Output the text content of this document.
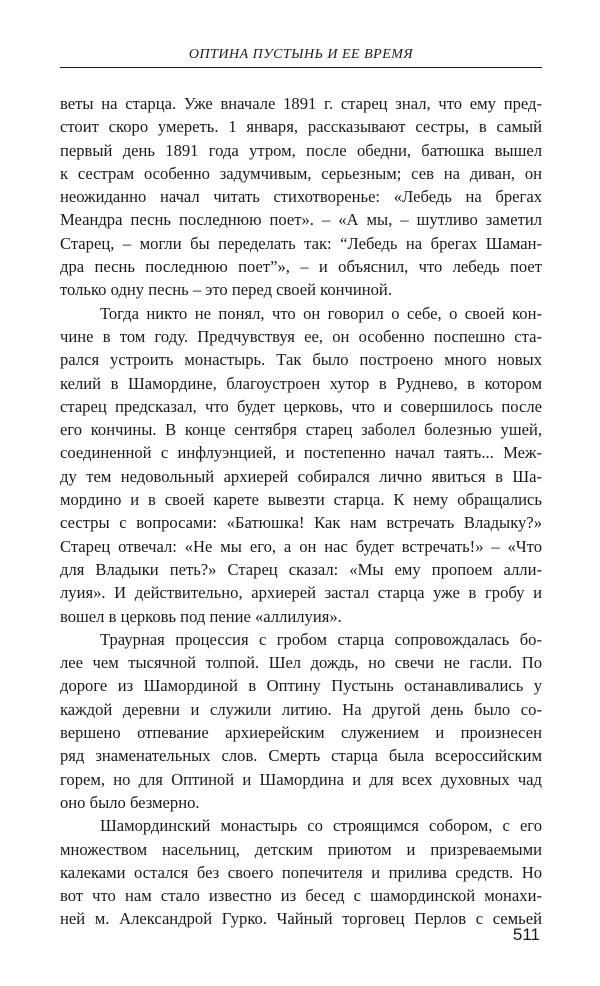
ОПТИНА ПУСТЫНЬ И ЕЕ ВРЕМЯ
веты на старца. Уже вначале 1891 г. старец знал, что ему пред-
стоит скоро умереть. 1 января, рассказывают сестры, в самый
первый день 1891 года утром, после обедни, батюшка вышел
к сестрам особенно задумчивым, серьезным; сев на диван, он
неожиданно начал читать стихотворенье: «Лебедь на брегах
Меандра песнь последнюю поет». – «А мы, – шутливо заметил
Старец, – могли бы переделать так: “Лебедь на брегах Шаман-
дра песнь последнюю поет”», – и объяснил, что лебедь поет
только одну песнь – это перед своей кончиной.
Тогда никто не понял, что он говорил о себе, о своей кон-
чине в том году. Предчувствуя ее, он особенно поспешно ста-
рался устроить монастырь. Так было построено много новых
келий в Шамордине, благоустроен хутор в Руднево, в котором
старец предсказал, что будет церковь, что и совершилось после
его кончины. В конце сентября старец заболел болезнью ушей,
соединенной с инфлуэнцией, и постепенно начал таять... Меж-
ду тем недовольный архиерей собирался лично явиться в Ша-
мордино и в своей карете вывезти старца. К нему обращались
сестры с вопросами: «Батюшка! Как нам встречать Владыку?»
Старец отвечал: «Не мы его, а он нас будет встречать!» – «Что
для Владыки петь?» Старец сказал: «Мы ему пропоем алли-
луия». И действительно, архиерей застал старца уже в гробу и
вошел в церковь под пение «аллилуия».
Траурная процессия с гробом старца сопровождалась бо-
лее чем тысячной толпой. Шел дождь, но свечи не гасли. По
дороге из Шамординой в Оптину Пустынь останавливались у
каждой деревни и служили литию. На другой день было со-
вершено отпевание архиерейским служением и произнесен
ряд знаменательных слов. Смерть старца была всероссийским
горем, но для Оптиной и Шамордина и для всех духовных чад
оно было безмерно.
Шамординский монастырь со строящимся собором, с его
множеством насельниц, детским приютом и призреваемыми
калеками остался без своего попечителя и прилива средств. Но
вот что нам стало известно из бесед с шамординской монахи-
ней м. Александрой Гурко. Чайный торговец Перлов с семьей
511
